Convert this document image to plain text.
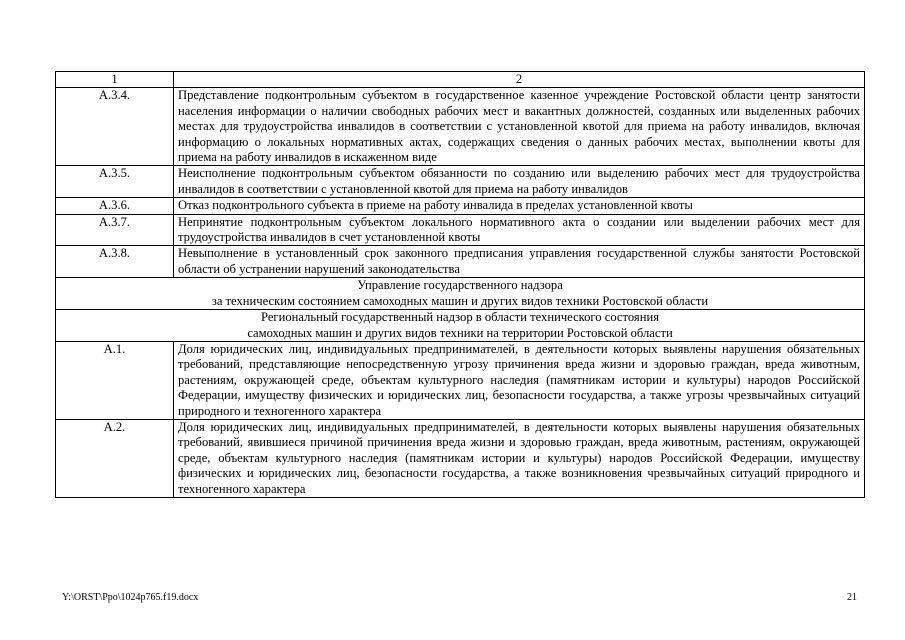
1	2
А.3.4.	Представление подконтрольным субъектом в государственное казенное учреждение Ростовской области центр занятости населения информации о наличии свободных рабочих мест и вакантных должностей, созданных или выделенных рабочих местах для трудоустройства инвалидов в соответствии с установленной квотой для приема на работу инвалидов, включая информацию о локальных нормативных актах, содержащих сведения о данных рабочих местах, выполнении квоты для приема на работу инвалидов в искаженном виде
А.3.5.	Неисполнение подконтрольным субъектом обязанности по созданию или выделению рабочих мест для трудоустройства инвалидов в соответствии с установленной квотой для приема на работу инвалидов
А.3.6.	Отказ подконтрольного субъекта в приеме на работу инвалида в пределах установленной квоты
А.3.7.	Непринятие подконтрольным субъектом локального нормативного акта о создании или выделении рабочих мест для трудоустройства инвалидов в счет установленной квоты
А.3.8.	Невыполнение в установленный срок законного предписания управления государственной службы занятости Ростовской области об устранении нарушений законодательства

Управление государственного надзора
за техническим состоянием самоходных машин и других видов техники Ростовской области	

Региональный государственный надзор в области технического состояния
самоходных машин и других видов техники на территории Ростовской области	

А.1.	Доля юридических лиц, индивидуальных предпринимателей, в деятельности которых выявлены нарушения обязательных требований, представляющие непосредственную угрозу причинения вреда жизни и здоровью граждан, вреда животным, растениям, окружающей среде, объектам культурного наследия (памятникам истории и культуры) народов Российской Федерации, имуществу физических и юридических лиц, безопасности государства, а также угрозы чрезвычайных ситуаций природного и техногенного характера
А.2.	Доля юридических лиц, индивидуальных предпринимателей, в деятельности которых выявлены нарушения обязательных требований, явившиеся причиной причинения вреда жизни и здоровью граждан, вреда животным, растениям, окружающей среде, объектам культурного наследия (памятникам истории и культуры) народов Российской Федерации, имуществу физических и юридических лиц, безопасности государства, а также возникновения чрезвычайных ситуаций природного и техногенного характера
Y:\ORST\Ppo\1024p765.f19.docx	21
